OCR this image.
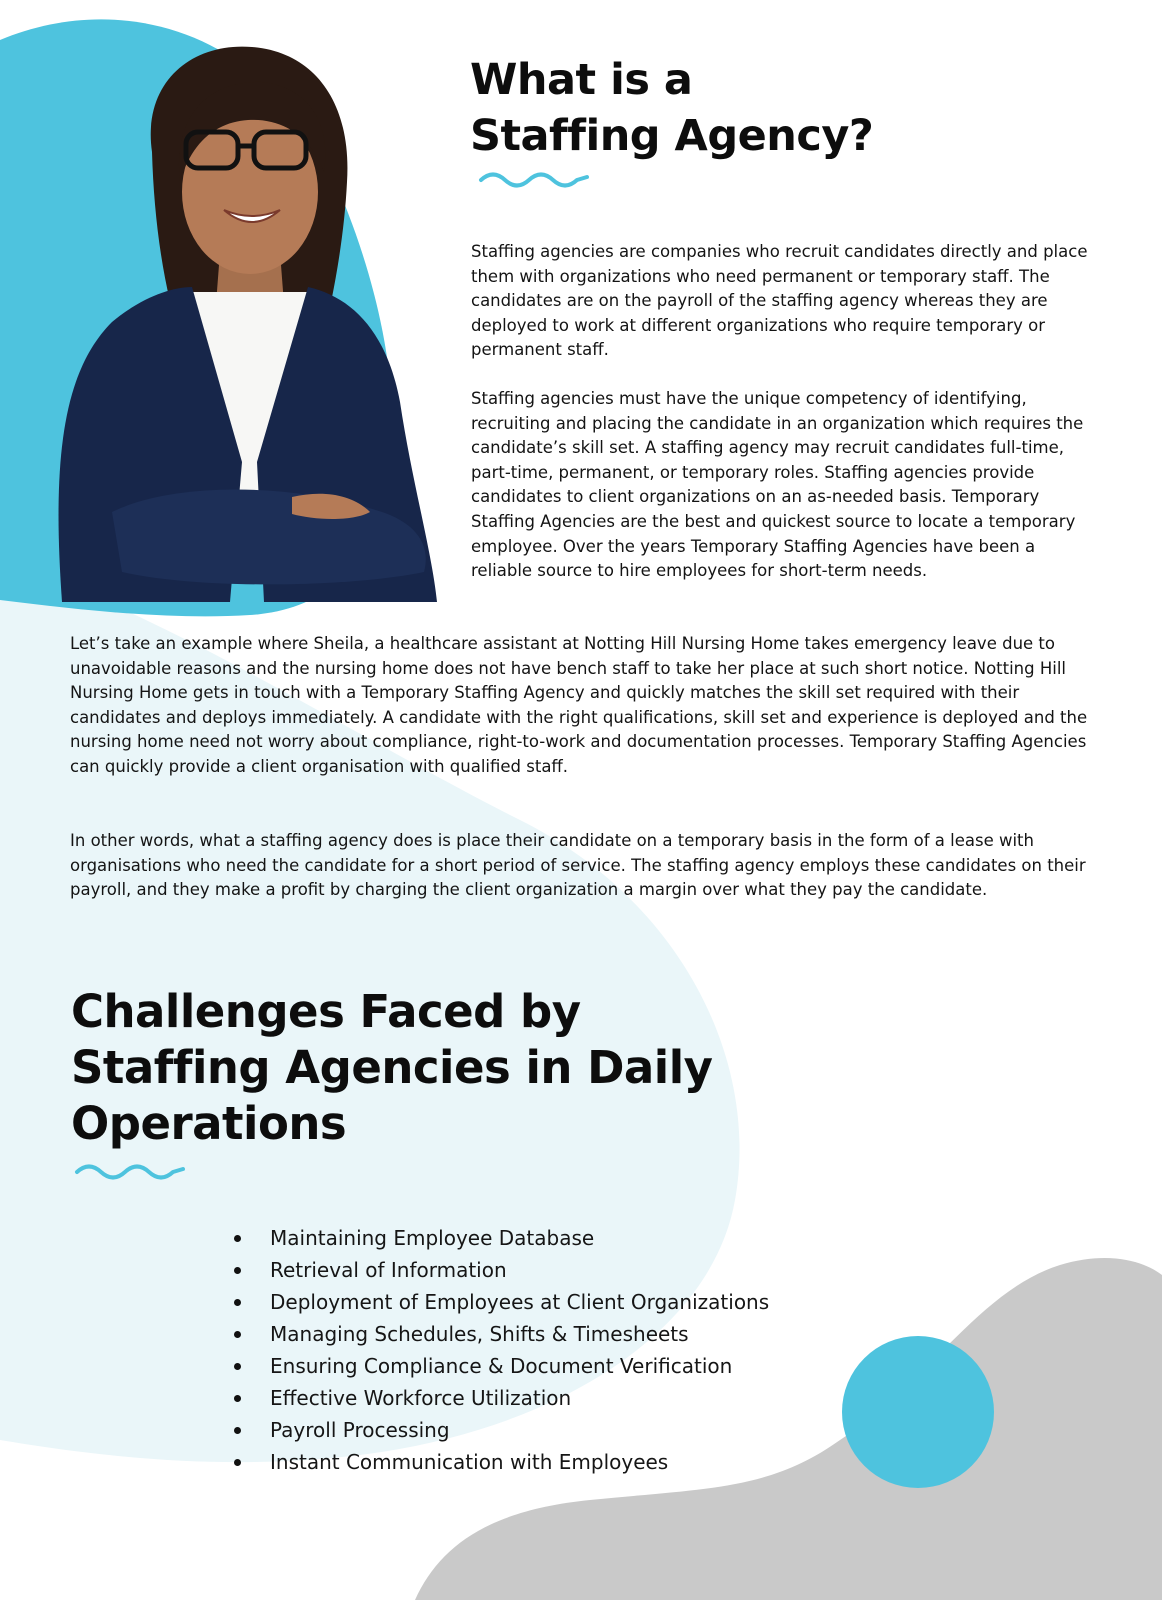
What is a
Staffing Agency?

Staffing agencies are companies who recruit candidates directly and place them with organizations who need permanent or temporary staff. The candidates are on the payroll of the staffing agency whereas they are deployed to work at different organizations who require temporary or permanent staff.

Staffing agencies must have the unique competency of identifying, recruiting and placing the candidate in an organization which requires the candidate’s skill set. A staffing agency may recruit candidates full-time, part-time, permanent, or temporary roles. Staffing agencies provide candidates to client organizations on an as-needed basis. Temporary Staffing Agencies are the best and quickest source to locate a temporary employee. Over the years Temporary Staffing Agencies have been a reliable source to hire employees for short-term needs.

Let’s take an example where Sheila, a healthcare assistant at Notting Hill Nursing Home takes emergency leave due to unavoidable reasons and the nursing home does not have bench staff to take her place at such short notice. Notting Hill Nursing Home gets in touch with a Temporary Staffing Agency and quickly matches the skill set required with their candidates and deploys immediately. A candidate with the right qualifications, skill set and experience is deployed and the nursing home need not worry about compliance, right-to-work and documentation processes. Temporary Staffing Agencies can quickly provide a client organisation with qualified staff.

In other words, what a staffing agency does is place their candidate on a temporary basis in the form of a lease with organisations who need the candidate for a short period of service. The staffing agency employs these candidates on their payroll, and they make a profit by charging the client organization a margin over what they pay the candidate.

Challenges Faced by
Staffing Agencies in Daily
Operations
Maintaining Employee Database
Retrieval of Information
Deployment of Employees at Client Organizations
Managing Schedules, Shifts & Timesheets
Ensuring Compliance & Document Verification
Effective Workforce Utilization
Payroll Processing
Instant Communication with Employees
